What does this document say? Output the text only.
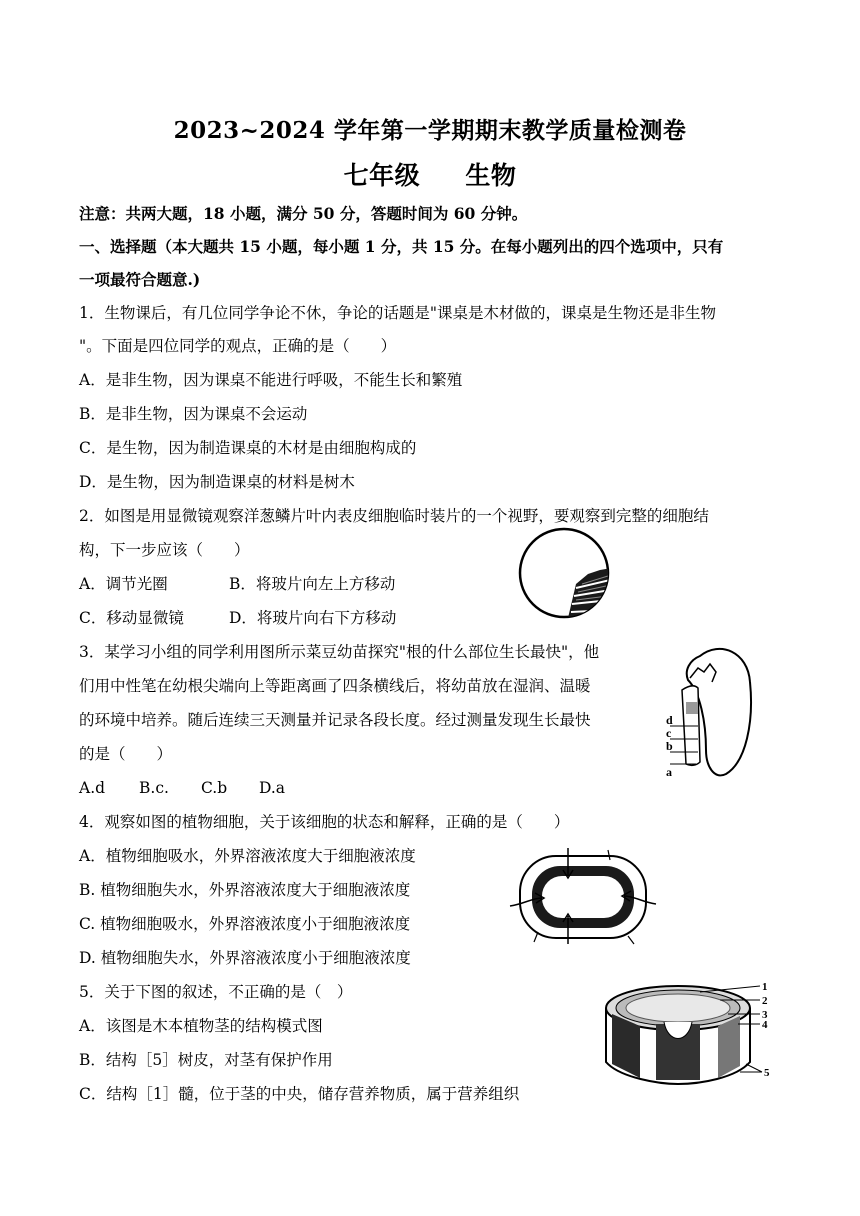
2023~2024 学年第一学期期末教学质量检测卷
七年级 生物
注意：共两大题，18 小题，满分 50 分，答题时间为 60 分钟。
一、选择题（本大题共 15 小题，每小题 1 分，共 15 分。在每小题列出的四个选项中，只有
一项最符合题意.)
1．生物课后，有几位同学争论不休，争论的话题是"课桌是木材做的，课桌是生物还是非生物
"。下面是四位同学的观点，正确的是（　　）
A．是非生物，因为课桌不能进行呼吸，不能生长和繁殖
B．是非生物，因为课桌不会运动
C．是生物，因为制造课桌的木材是由细胞构成的
D．是生物，因为制造课桌的材料是树木
2．如图是用显微镜观察洋葱鳞片叶内表皮细胞临时装片的一个视野，要观察到完整的细胞结
构，下一步应该（　　）
A．调节光圈	B．将玻片向左上方移动
C．移动显微镜	D．将玻片向右下方移动
3．某学习小组的同学利用图所示菜豆幼苗探究"根的什么部位生长最快"，他
们用中性笔在幼根尖端向上等距离画了四条横线后，将幼苗放在湿润、温暖
的环境中培养。随后连续三天测量并记录各段长度。经过测量发现生长最快
的是（　　）
A.d B.c. C.b D.a
d
c
b
a
4．观察如图的植物细胞，关于该细胞的状态和解释，正确的是（　　）
A．植物细胞吸水，外界溶液浓度大于细胞液浓度
B. 植物细胞失水，外界溶液浓度大于细胞液浓度
C. 植物细胞吸水，外界溶液浓度小于细胞液浓度
D. 植物细胞失水，外界溶液浓度小于细胞液浓度
5．关于下图的叙述，不正确的是（　）
A．该图是木本植物茎的结构模式图
B．结构［5］树皮，对茎有保护作用
C．结构［1］髓，位于茎的中央，储存营养物质，属于营养组织
1
2
3
4
5
